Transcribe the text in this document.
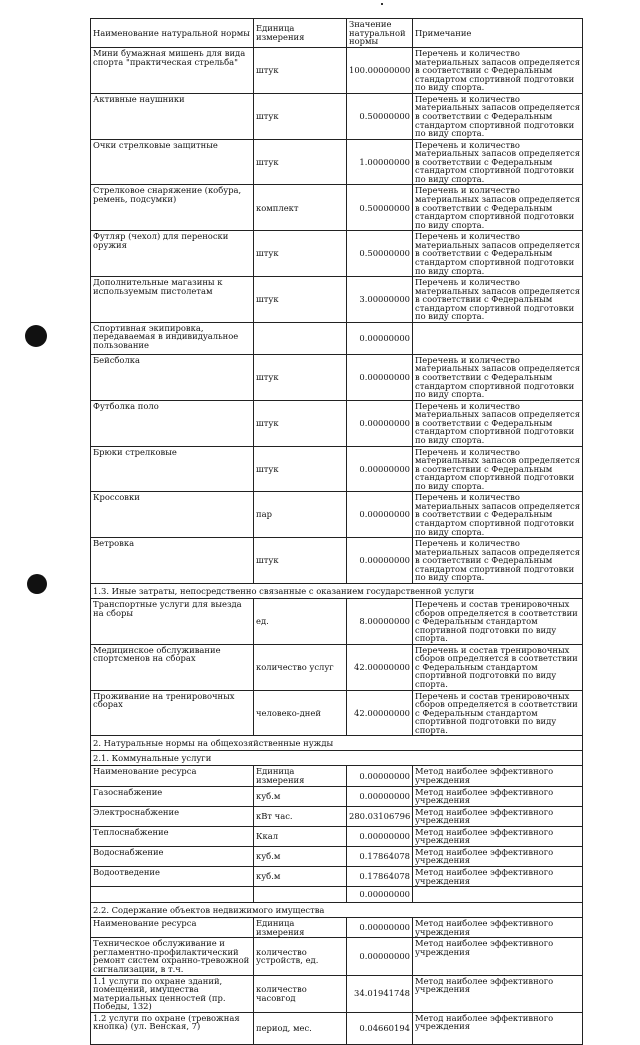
Наименование натуральной нормы	Единица измерения	Значение натуральной нормы	Примечание
Мини бумажная мишень для вида спорта "практическая стрельба"	штук	100.00000000	Перечень и количество материальных запасов определяется в соответствии с Федеральным стандартом спортивной подготовки по виду спорта.
Активные наушники	штук	0.50000000	Перечень и количество материальных запасов определяется в соответствии с Федеральным стандартом спортивной подготовки по виду спорта.
Очки стрелковые защитные	штук	1.00000000	Перечень и количество материальных запасов определяется в соответствии с Федеральным стандартом спортивной подготовки по виду спорта.
Стрелковое снаряжение (кобура, ремень, подсумки)	комплект	0.50000000	Перечень и количество материальных запасов определяется в соответствии с Федеральным стандартом спортивной подготовки по виду спорта.
Футляр (чехол) для переноски оружия	штук	0.50000000	Перечень и количество материальных запасов определяется в соответствии с Федеральным стандартом спортивной подготовки по виду спорта.
Дополнительные магазины к используемым пистолетам	штук	3.00000000	Перечень и количество материальных запасов определяется в соответствии с Федеральным стандартом спортивной подготовки по виду спорта.
Спортивная экипировка, передаваемая в индивидуальное пользование		0.00000000	
Бейсболка	штук	0.00000000	Перечень и количество материальных запасов определяется в соответствии с Федеральным стандартом спортивной подготовки по виду спорта.
Футболка поло	штук	0.00000000	Перечень и количество материальных запасов определяется в соответствии с Федеральным стандартом спортивной подготовки по виду спорта.
Брюки стрелковые	штук	0.00000000	Перечень и количество материальных запасов определяется в соответствии с Федеральным стандартом спортивной подготовки по виду спорта.
Кроссовки	пар	0.00000000	Перечень и количество материальных запасов определяется в соответствии с Федеральным стандартом спортивной подготовки по виду спорта.
Ветровка	штук	0.00000000	Перечень и количество материальных запасов определяется в соответствии с Федеральным стандартом спортивной подготовки по виду спорта.
1.3. Иные затраты, непосредственно связанные с оказанием государственной услуги			
Транспортные услуги для выезда на сборы	ед.	8.00000000	Перечень и состав тренировочных сборов определяется в соответствии с Федеральным стандартом спортивной подготовки по виду спорта.
Медицинское обслуживание спортсменов на сборах	количество услуг	42.00000000	Перечень и состав тренировочных сборов определяется в соответствии с Федеральным стандартом спортивной подготовки по виду спорта.
Проживание на тренировочных сборах	человеко-дней	42.00000000	Перечень и состав тренировочных сборов определяется в соответствии с Федеральным стандартом спортивной подготовки по виду спорта.
2. Натуральные нормы на общехозяйственные нужды			
2.1. Коммунальные услуги			
Наименование ресурса	Единица измерения	0.00000000	Метод наиболее эффективного учреждения
Газоснабжение	куб.м	0.00000000	Метод наиболее эффективного учреждения
Электроснабжение	кВт час.	280.03106796	Метод наиболее эффективного учреждения
Теплоснабжение	Ккал	0.00000000	Метод наиболее эффективного учреждения
Водоснабжение	куб.м	0.17864078	Метод наиболее эффективного учреждения
Водоотведение	куб.м	0.17864078	Метод наиболее эффективного учреждения
		0.00000000	
2.2. Содержание объектов недвижимого имущества			
Наименование ресурса	Единица измерения	0.00000000	Метод наиболее эффективного учреждения
Техническое обслуживание и регламентно-профилактический ремонт систем охранно-тревожной сигнализации, в т.ч.	количество устройств, ед.	0.00000000	Метод наиболее эффективного учреждения
1.1 услуги по охране зданий, помещений, имущества материальных ценностей (пр. Победы, 132)	количество часовгод	34.01941748	Метод наиболее эффективного учреждения
1.2 услуги по охране (тревожная кнопка) (ул. Венская, 7)	период, мес.	0.04660194	Метод наиболее эффективного учреждения
